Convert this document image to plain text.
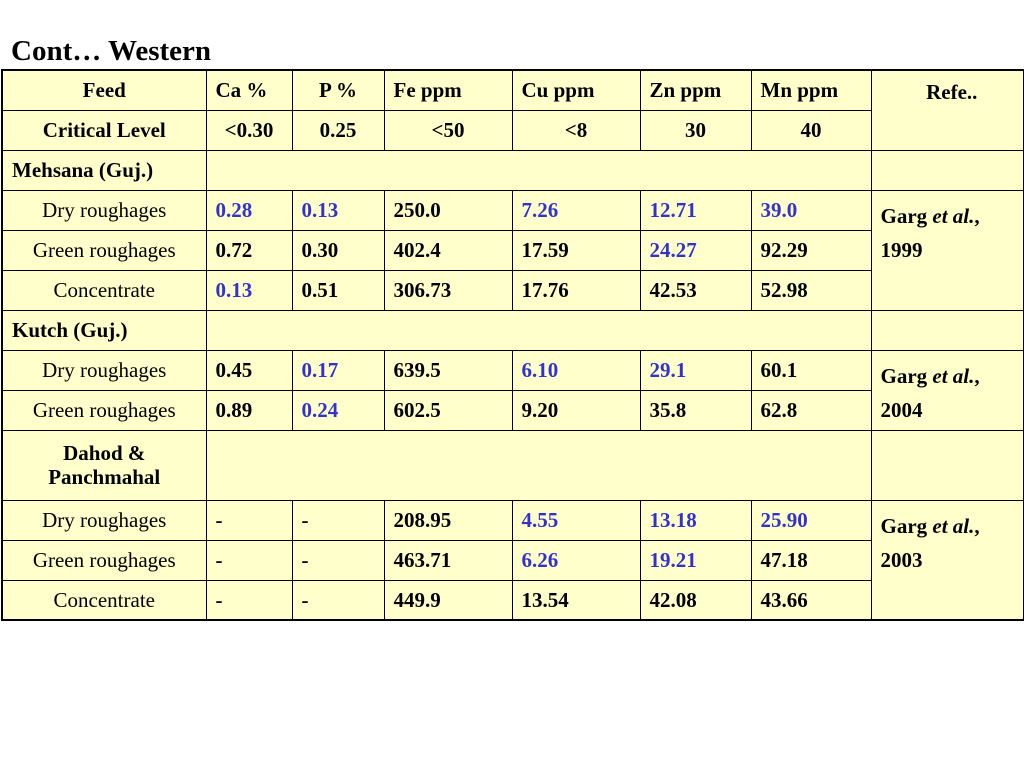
Cont… Western
Feed	Ca %	P %	Fe ppm	Cu ppm	Zn ppm	Mn ppm	Refe..
Critical Level	<0.30	0.25	<50	<8	30	40	
Mehsana (Guj.)							
Dry roughages	0.28	0.13	250.0	7.26	12.71	39.0	Garg et al.,
1999
Green roughages	0.72	0.30	402.4	17.59	24.27	92.29	
Concentrate	0.13	0.51	306.73	17.76	42.53	52.98	
Kutch (Guj.)							
Dry roughages	0.45	0.17	639.5	6.10	29.1	60.1	Garg et al.,
2004
Green roughages	0.89	0.24	602.5	9.20	35.8	62.8	
Dahod &
Panchmahal							
Dry roughages	-	-	208.95	4.55	13.18	25.90	Garg et al.,
2003
Green roughages	-	-	463.71	6.26	19.21	47.18	
Concentrate	-	-	449.9	13.54	42.08	43.66	
